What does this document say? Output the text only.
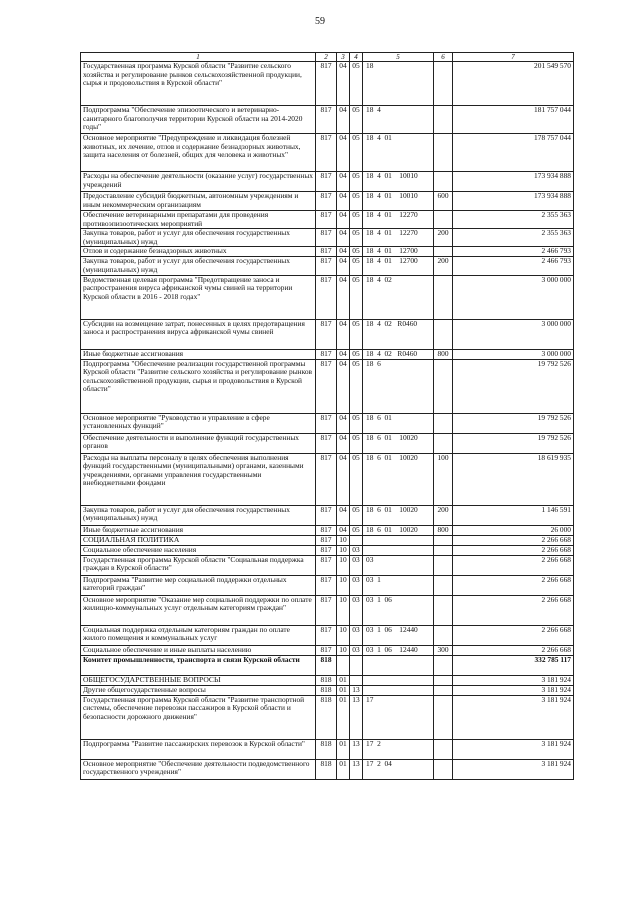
59
1	2	3	4	5	6	7
Государственная программа Курской области "Развитие сельского хозяйства и регулирование рынков сельскохозяйственной продукции, сырья и продовольствия в Курской области"	817	04	05	18		201 549 570
Подпрограмма "Обеспечение эпизоотического и ветеринарно-санитарного благополучия территории Курской области на 2014-2020 годы"	817	04	05	18  4		181 757 044
Основное мероприятие "Предупреждение и ликвидация болезней животных, их лечение, отлов и содержание безнадзорных животных, защита населения от болезней, общих для человека и животных"	817	04	05	18  4  01		178 757 044
Расходы на обеспечение деятельности (оказание услуг) государственных учреждений	817	04	05	18  4  01    10010		173 934 888
Предоставление субсидий бюджетным, автономным учреждениям и иным некоммерческим организациям	817	04	05	18  4  01    10010	600	173 934 888
Обеспечение ветеринарными препаратами для проведения противоэпизоотических мероприятий	817	04	05	18  4  01    12270		2 355 363
Закупка товаров, работ и услуг для обеспечения государственных (муниципальных) нужд	817	04	05	18  4  01    12270	200	2 355 363
Отлов и содержание безнадзорных животных	817	04	05	18  4  01    12700		2 466 793
Закупка товаров, работ и услуг для обеспечения государственных (муниципальных) нужд	817	04	05	18  4  01    12700	200	2 466 793
Ведомственная целевая программа "Предотвращение заноса и распространения вируса африканской чумы свиней на территории Курской области в 2016 - 2018 годах"	817	04	05	18  4  02		3 000 000
Субсидии на возмещение затрат, понесенных в целях предотвращения заноса и распространения вируса африканской чумы свиней	817	04	05	18  4  02   R0460		3 000 000
Иные бюджетные ассигнования	817	04	05	18  4  02   R0460	800	3 000 000
Подпрограмма "Обеспечение реализации государственной программы Курской области "Развитие сельского хозяйства и регулирование рынков сельскохозяйственной продукции, сырья и продовольствия в Курской области"	817	04	05	18  6		19 792 526
Основное мероприятие "Руководство и управление в сфере установленных функций"	817	04	05	18  6  01		19 792 526
Обеспечение деятельности и выполнение функций государственных органов	817	04	05	18  6  01    10020		19 792 526
Расходы на выплаты персоналу в целях обеспечения выполнения функций государственными (муниципальными) органами, казенными учреждениями, органами управления государственными внебюджетными фондами	817	04	05	18  6  01    10020	100	18 619 935
Закупка товаров, работ и услуг для обеспечения государственных (муниципальных) нужд	817	04	05	18  6  01    10020	200	1 146 591
Иные бюджетные ассигнования	817	04	05	18  6  01    10020	800	26 000
СОЦИАЛЬНАЯ ПОЛИТИКА	817	10				2 266 668
Социальное обеспечение населения	817	10	03			2 266 668
Государственная программа Курской области "Социальная поддержка граждан в Курской области"	817	10	03	03		2 266 668
Подпрограмма "Развитие мер социальной поддержки отдельных категорий граждан"	817	10	03	03  1		2 266 668
Основное мероприятие "Оказание мер социальной поддержки по оплате жилищно-коммунальных услуг отдельным категориям граждан"	817	10	03	03  1  06		2 266 668
Социальная поддержка отдельным категориям граждан по оплате жилого помещения и коммунальных услуг	817	10	03	03  1  06    12440		2 266 668
Социальное обеспечение и иные выплаты населению	817	10	03	03  1  06    12440	300	2 266 668
Комитет промышленности, транспорта и связи Курской области	818					332 785 117
ОБЩЕГОСУДАРСТВЕННЫЕ ВОПРОСЫ	818	01				3 181 924
Другие общегосударственные вопросы	818	01	13			3 181 924
Государственная программа Курской области "Развитие транспортной системы, обеспечение перевозки пассажиров в Курской области и безопасности дорожного движения"	818	01	13	17		3 181 924
Подпрограмма "Развитие пассажирских перевозок в Курской области"	818	01	13	17  2		3 181 924
Основное мероприятие "Обеспечение деятельности подведомственного государственного учреждения"	818	01	13	17  2  04		3 181 924
